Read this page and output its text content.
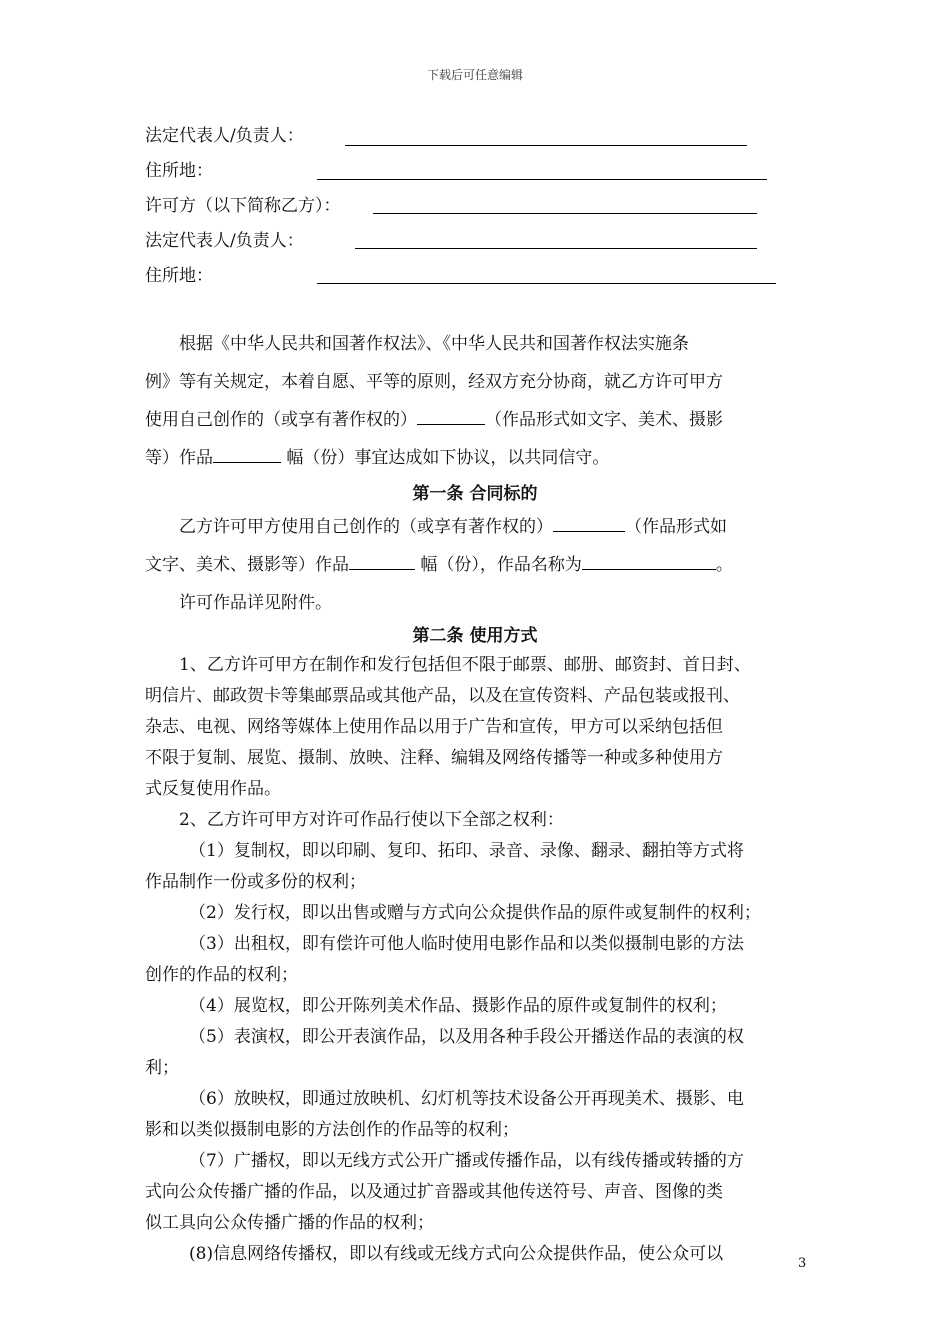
下载后可任意编辑
法定代表人/负责人：
住所地：
许可方（以下简称乙方）：
法定代表人/负责人：
住所地：

根据《中华人民共和国著作权法》、《中华人民共和国著作权法实施条

例》等有关规定，本着自愿、平等的原则，经双方充分协商，就乙方许可甲方

使用自己创作的（或享有著作权的）	（作品形式如文字、美术、摄影

等）作品	幅（份）事宜达成如下协议，以共同信守。

第一条 合同标的

乙方许可甲方使用自己创作的（或享有著作权的）	（作品形式如

文字、美术、摄影等）作品	幅（份），作品名称为	。

许可作品详见附件。

第二条 使用方式

1、乙方许可甲方在制作和发行包括但不限于邮票、邮册、邮资封、首日封、

明信片、邮政贺卡等集邮票品或其他产品，以及在宣传资料、产品包装或报刊、

杂志、电视、网络等媒体上使用作品以用于广告和宣传，甲方可以采纳包括但

不限于复制、展览、摄制、放映、注释、编辑及网络传播等一种或多种使用方

式反复使用作品。

2、乙方许可甲方对许可作品行使以下全部之权利：

（1）复制权，即以印刷、复印、拓印、录音、录像、翻录、翻拍等方式将

作品制作一份或多份的权利；

（2）发行权，即以出售或赠与方式向公众提供作品的原件或复制件的权利；

（3）出租权，即有偿许可他人临时使用电影作品和以类似摄制电影的方法

创作的作品的权利；

（4）展览权，即公开陈列美术作品、摄影作品的原件或复制件的权利；

（5）表演权，即公开表演作品，以及用各种手段公开播送作品的表演的权

利；

（6）放映权，即通过放映机、幻灯机等技术设备公开再现美术、摄影、电

影和以类似摄制电影的方法创作的作品等的权利；

（7）广播权，即以无线方式公开广播或传播作品，以有线传播或转播的方

式向公众传播广播的作品，以及通过扩音器或其他传送符号、声音、图像的类

似工具向公众传播广播的作品的权利；

(8)信息网络传播权，即以有线或无线方式向公众提供作品，使公众可以	3
